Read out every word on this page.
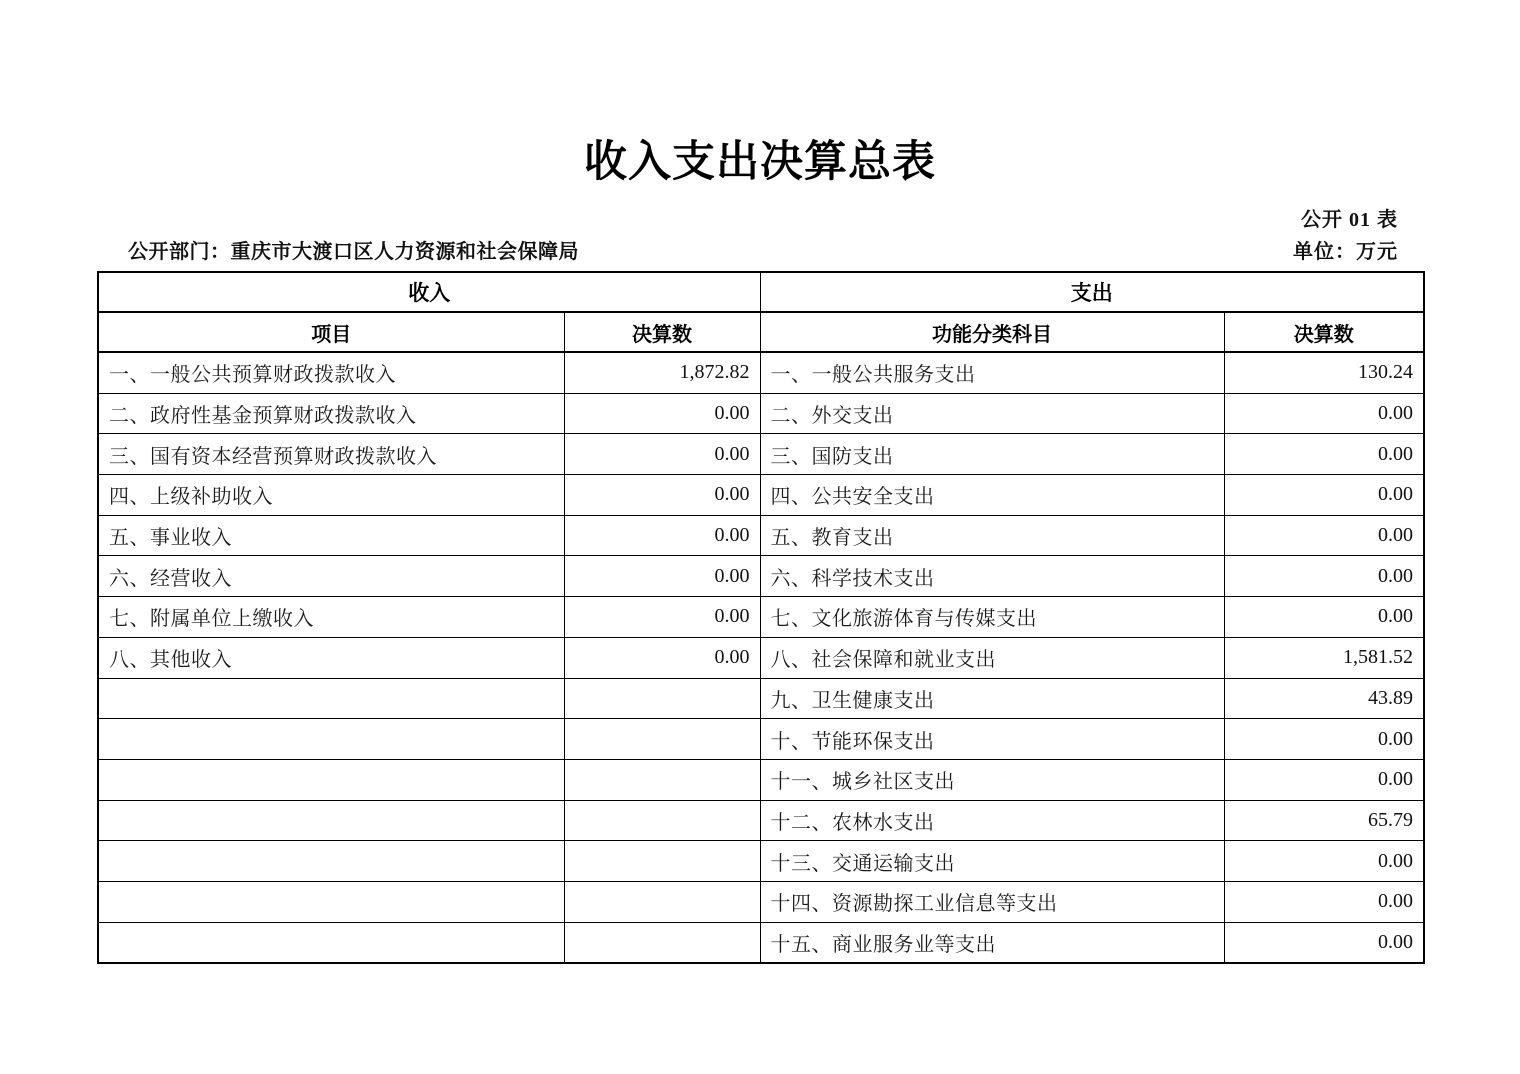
收入支出决算总表
公开 01 表
公开部门：重庆市大渡口区人力资源和社会保障局	单位：万元
收入		支出	
项目	决算数	功能分类科目	决算数
一、一般公共预算财政拨款收入	1,872.82	一、一般公共服务支出	130.24
二、政府性基金预算财政拨款收入	0.00	二、外交支出	0.00
三、国有资本经营预算财政拨款收入	0.00	三、国防支出	0.00
四、上级补助收入	0.00	四、公共安全支出	0.00
五、事业收入	0.00	五、教育支出	0.00
六、经营收入	0.00	六、科学技术支出	0.00
七、附属单位上缴收入	0.00	七、文化旅游体育与传媒支出	0.00
八、其他收入	0.00	八、社会保障和就业支出	1,581.52
		九、卫生健康支出	43.89
		十、节能环保支出	0.00
		十一、城乡社区支出	0.00
		十二、农林水支出	65.79
		十三、交通运输支出	0.00
		十四、资源勘探工业信息等支出	0.00
		十五、商业服务业等支出	0.00
